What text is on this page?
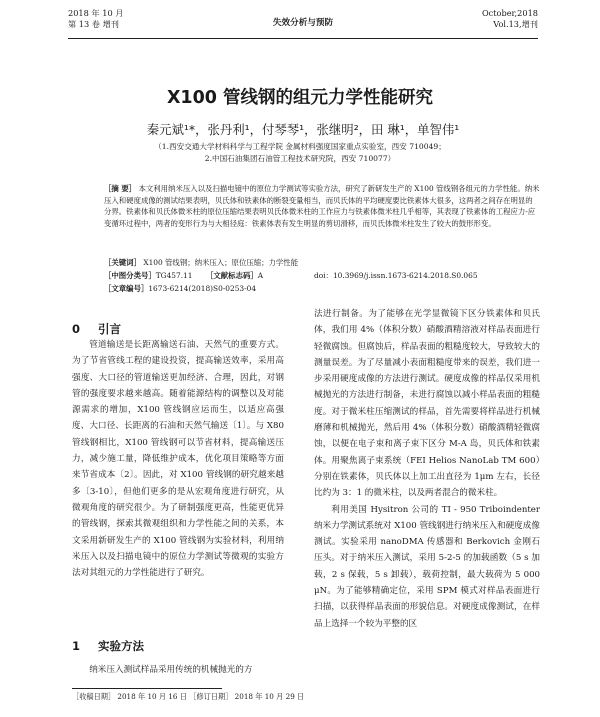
2018 年 10 月
第 13 卷 增刊	失效分析与预防
October,2018
Vol.13,增刊
X100 管线钢的组元力学性能研究
秦元斌¹*，张丹利¹，付琴琴¹，张继明²，田 琳¹，单智伟¹
（1.西安交通大学材料科学与工程学院 金属材料强度国家重点实验室，西安 710049；
2.中国石油集团石油管工程技术研究院，西安 710077）
［摘 要］ 本文利用纳米压入以及扫描电镜中的原位力学测试等实验方法，研究了新研发生产的 X100 管线钢各组元的力学性能。纳米压入和硬度成像的测试结果表明，贝氏体和铁素体的断裂变量相当，而贝氏体的平均硬度要比铁素体大很多，这两者之间存在明显的分界。铁素体和贝氏体微米柱的原位压缩结果表明贝氏体微米柱的工作应力与铁素体微米柱几乎相等，其表现了铁素体的工程应力-应变循环过程中，两者的变形行为与大相径庭：铁素体表有发生明显的剪切滑移，而贝氏体微米柱发生了较大的鼓形形变。
［关键词］ X100 管线钢；纳米压入；原位压缩；力学性能
［中图分类号］TG457.11 ［文献标志码］A	doi：10.3969/j.issn.1673-6214.2018.S0.065
［文章编号］1673-6214(2018)S0-0253-04
0 引言

管道输送是长距离输送石油、天然气的重要方式。为了节省管线工程的建设投资，提高输送效率，采用高强度、大口径的管道输送更加经济、合理，因此，对钢管的强度要求越来越高。随着能源结构的调整以及对能源需求的增加，X100 管线钢应运而生，以适应高强度、大口径、长距离的石油和天然气输送〔1〕。与 X80 管线钢相比，X100 管线钢可以节省材料，提高输送压力，减少施工量，降低维护成本，优化项目策略等方面来节省成本〔2〕。因此，对 X100 管线钢的研究越来越多〔3-10〕，但他们更多的是从宏观角度进行研究，从微观角度的研究很少。为了研制强度更高，性能更优异的管线钢，探索其微观组织和力学性能之间的关系，本文采用新研发生产的 X100 管线钢为实验材料，利用纳米压入以及扫描电镜中的原位力学测试等微观的实验方法对其组元的力学性能进行了研究。

1 实验方法

纳米压入测试样品采用传统的机械抛光的方

法进行制备。为了能够在光学显微镜下区分铁素体和贝氏体，我们用 4%（体积分数）硝酸酒精溶液对样品表面进行轻微腐蚀。但腐蚀后，样品表面的粗糙度较大，导致较大的测量误差。为了尽量减小表面粗糙度带来的误差，我们进一步采用硬度成像的方法进行测试。硬度成像的样品仅采用机械抛光的方法进行制备，未进行腐蚀以减小样品表面的粗糙度。对于微米柱压缩测试的样品，首先需要将样品进行机械磨薄和机械抛光，然后用 4%（体积分数）硝酸酒精轻微腐蚀，以便在电子束和离子束下区分 M-A 岛，贝氏体和铁素体。用聚焦离子束系统（FEI Helios NanoLab TM 600）分别在铁素体，贝氏体以上加工出直径为 1μm 左右，长径比约为 3：1 的微米柱，以及两者混合的微米柱。

利用美国 Hysitron 公司的 TI - 950 Triboindenter 纳米力学测试系统对 X100 管线钢进行纳米压入和硬度成像测试。实验采用 nanoDMA 传感器和 Berkovich 金刚石压头。对于纳米压入测试，采用 5-2-5 的加载函数（5 s 加载，2 s 保载，5 s 卸载），载荷控制，最大载荷为 5 000 μN。为了能够精确定位，采用 SPM 模式对样品表面进行扫描，以获得样品表面的形貌信息。对硬度成像测试，在样品上选择一个较为平整的区

［收稿日期］ 2018 年 10 月 16 日 ［修订日期］ 2018 年 10 月 29 日
